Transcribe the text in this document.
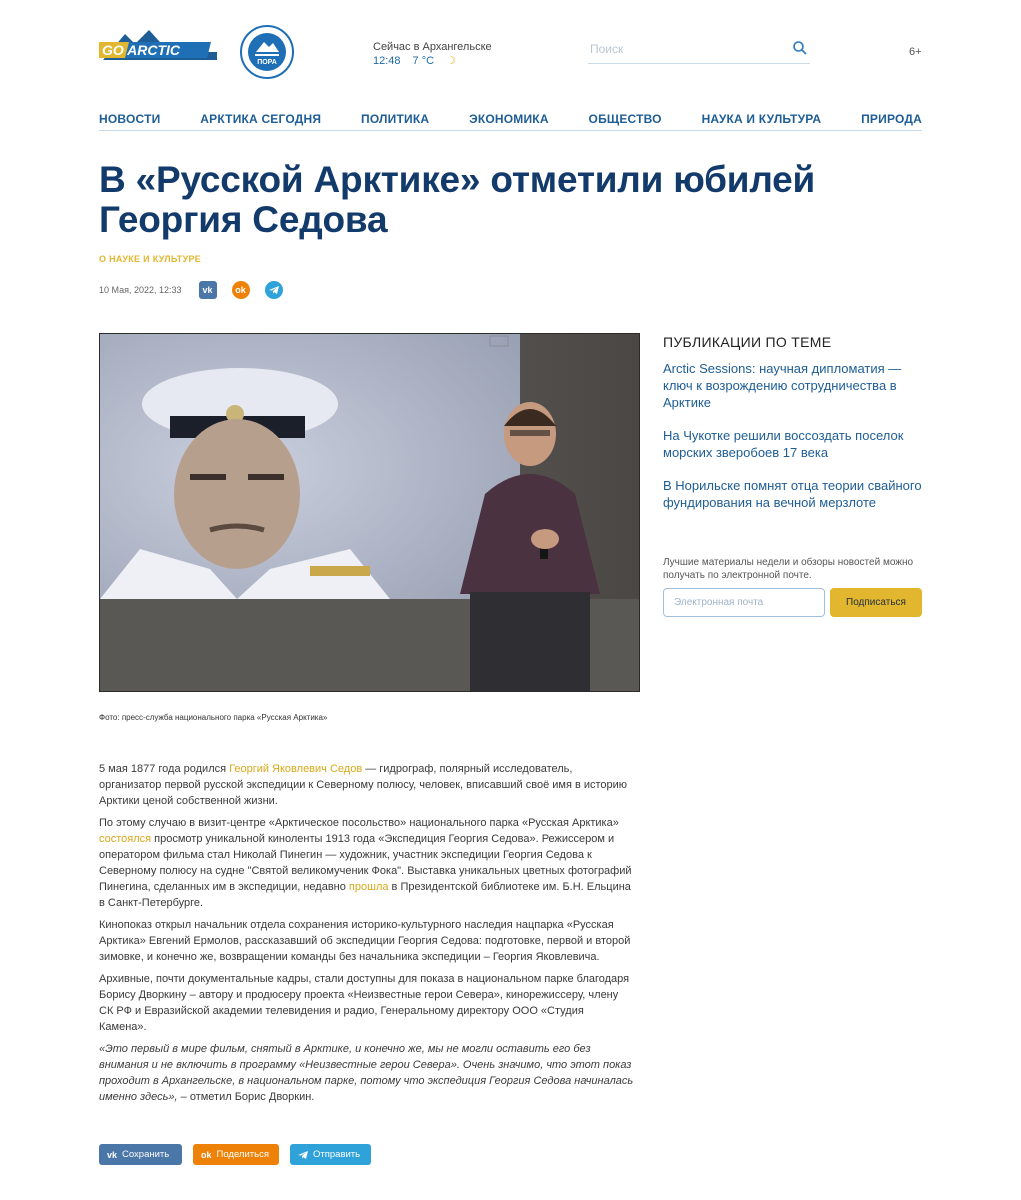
GO ARCTIC
ПОРА
Сейчас в Архангельске
12:48 7 °C ☽
Поиск
6+
НОВОСТИ	АРКТИКА СЕГОДНЯ	ПОЛИТИКА	ЭКОНОМИКА	ОБЩЕСТВО	НАУКА И КУЛЬТУРА	ПРИРОДА
В «Русской Арктике» отметили юбилей Георгия Седова
О НАУКЕ И КУЛЬТУРЕ
10 Мая, 2022, 12:33	vk	ok
Фото: пресс-служба национального парка «Русская Арктика»
ПУБЛИКАЦИИ ПО ТЕМЕ
Arctic Sessions: научная дипломатия — ключ к возрождению сотрудничества в Арктике
На Чукотке решили воссоздать поселок морских зверобоев 17 века
В Норильске помнят отца теории свайного фундирования на вечной мерзлоте
Лучшие материалы недели и обзоры новостей можно получать по электронной почте.
Электронная почта
Подписаться

5 мая 1877 года родился Георгий Яковлевич Седов — гидрограф, полярный исследователь, организатор первой русской экспедиции к Северному полюсу, человек, вписавший своё имя в историю Арктики ценой собственной жизни.

По этому случаю в визит-центре «Арктическое посольство» национального парка «Русская Арктика» состоялся просмотр уникальной киноленты 1913 года «Экспедиция Георгия Седова». Режиссером и оператором фильма стал Николай Пинегин — художник, участник экспедиции Георгия Седова к Северному полюсу на судне "Святой великомученик Фока". Выставка уникальных цветных фотографий Пинегина, сделанных им в экспедиции, недавно прошла в Президентской библиотеке им. Б.Н. Ельцина в Санкт-Петербурге.

Кинопоказ открыл начальник отдела сохранения историко-культурного наследия нацпарка «Русская Арктика» Евгений Ермолов, рассказавший об экспедиции Георгия Седова: подготовке, первой и второй зимовке, и конечно же, возвращении команды без начальника экспедиции – Георгия Яковлевича.

Архивные, почти документальные кадры, стали доступны для показа в национальном парке благодаря Борису Дворкину – автору и продюсеру проекта «Неизвестные герои Севера», кинорежиссеру, члену СК РФ и Евразийской академии телевидения и радио, Генеральному директору ООО «Студия Камена».

«Это первый в мире фильм, снятый в Арктике, и конечно же, мы не могли оставить его без внимания и не включить в программу «Неизвестные герои Севера». Очень значимо, что этот показ проходит в Архангельске, в национальном парке, потому что экспедиция Георгия Седова начиналась именно здесь», – отметил Борис Дворкин.

vk Сохранить	ok Поделиться	Отправить
